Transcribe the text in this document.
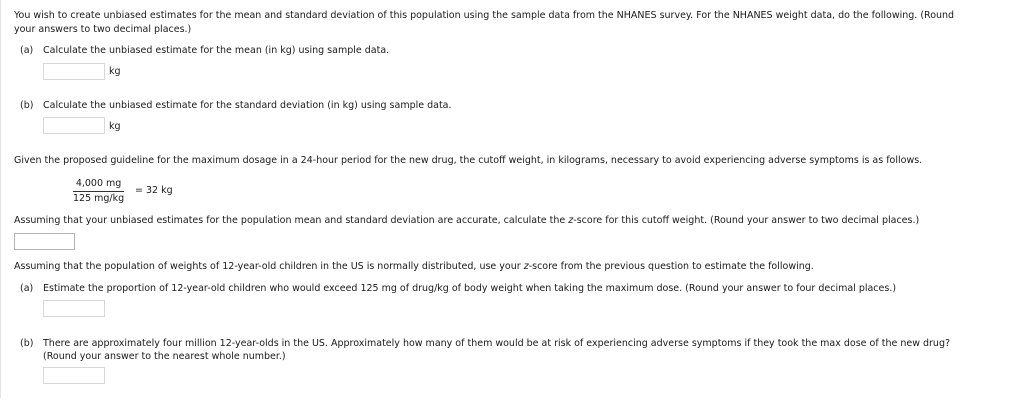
You wish to create unbiased estimates for the mean and standard deviation of this population using the sample data from the NHANES survey. For the NHANES weight data, do the following. (Round
your answers to two decimal places.)
(a) Calculate the unbiased estimate for the mean (in kg) using sample data.
kg
(b) Calculate the unbiased estimate for the standard deviation (in kg) using sample data.
kg
Given the proposed guideline for the maximum dosage in a 24-hour period for the new drug, the cutoff weight, in kilograms, necessary to avoid experiencing adverse symptoms is as follows.
$\frac{4,000 mg}{125 mg/kg} = 32$ kg
Assuming that your unbiased estimates for the population mean and standard deviation are accurate, calculate the z-score for this cutoff weight. (Round your answer to two decimal places.)
Assuming that the population of weights of 12-year-old children in the US is normally distributed, use your z-score from the previous question to estimate the following.
(a) Estimate the proportion of 12-year-old children who would exceed 125 mg of drug/kg of body weight when taking the maximum dose. (Round your answer to four decimal places.)
(b) There are approximately four million 12-year-olds in the US. Approximately how many of them would be at risk of experiencing adverse symptoms if they took the max dose of the new drug?
(Round your answer to the nearest whole number.)
